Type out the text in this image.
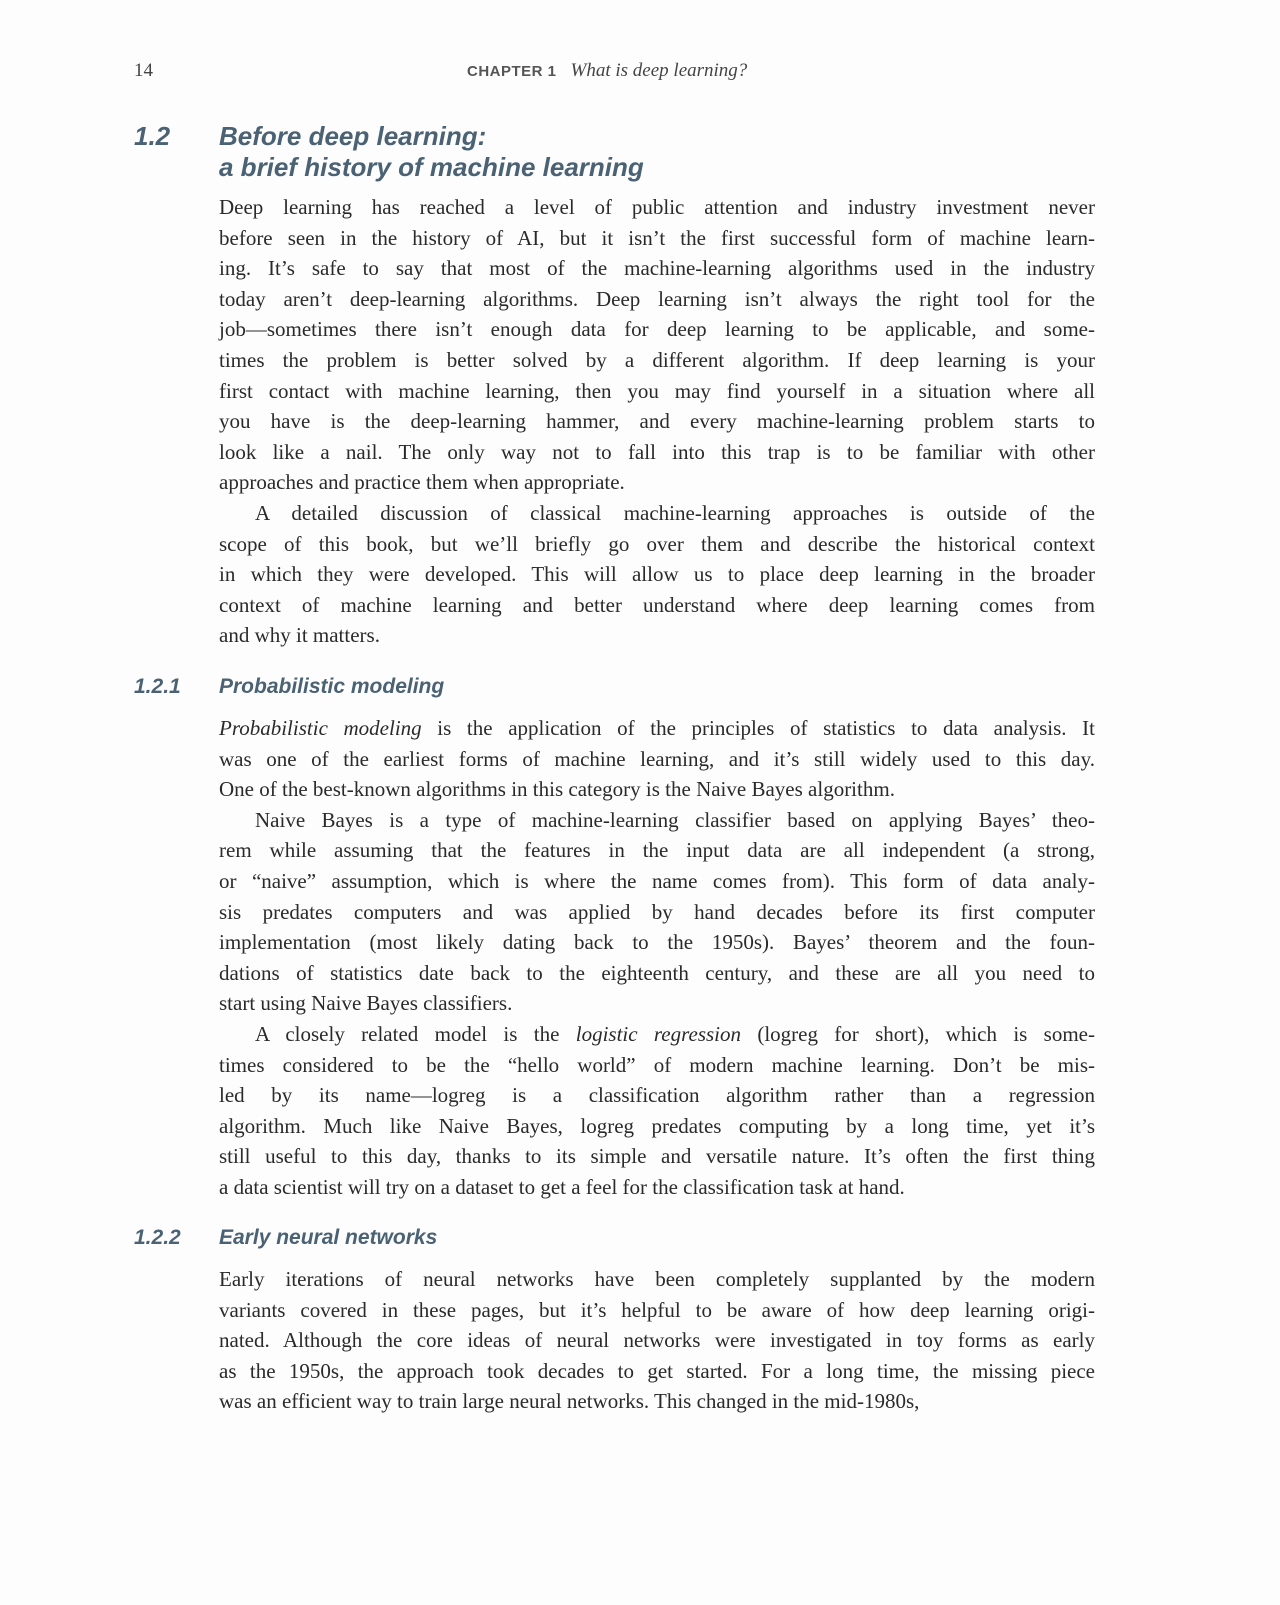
14	CHAPTER 1 What is deep learning?
1.2 Before deep learning:
a brief history of machine learning
Deep learning has reached a level of public attention and industry investment never
before seen in the history of AI, but it isn’t the first successful form of machine learn-
ing. It’s safe to say that most of the machine-learning algorithms used in the industry
today aren’t deep-learning algorithms. Deep learning isn’t always the right tool for the
job—sometimes there isn’t enough data for deep learning to be applicable, and some-
times the problem is better solved by a different algorithm. If deep learning is your
first contact with machine learning, then you may find yourself in a situation where all
you have is the deep-learning hammer, and every machine-learning problem starts to
look like a nail. The only way not to fall into this trap is to be familiar with other
approaches and practice them when appropriate.
A detailed discussion of classical machine-learning approaches is outside of the
scope of this book, but we’ll briefly go over them and describe the historical context
in which they were developed. This will allow us to place deep learning in the broader
context of machine learning and better understand where deep learning comes from
and why it matters.
1.2.1 Probabilistic modeling
Probabilistic modeling is the application of the principles of statistics to data analysis. It
was one of the earliest forms of machine learning, and it’s still widely used to this day.
One of the best-known algorithms in this category is the Naive Bayes algorithm.
Naive Bayes is a type of machine-learning classifier based on applying Bayes’ theo-
rem while assuming that the features in the input data are all independent (a strong,
or “naive” assumption, which is where the name comes from). This form of data analy-
sis predates computers and was applied by hand decades before its first computer
implementation (most likely dating back to the 1950s). Bayes’ theorem and the foun-
dations of statistics date back to the eighteenth century, and these are all you need to
start using Naive Bayes classifiers.
A closely related model is the logistic regression (logreg for short), which is some-
times considered to be the “hello world” of modern machine learning. Don’t be mis-
led by its name—logreg is a classification algorithm rather than a regression
algorithm. Much like Naive Bayes, logreg predates computing by a long time, yet it’s
still useful to this day, thanks to its simple and versatile nature. It’s often the first thing
a data scientist will try on a dataset to get a feel for the classification task at hand.
1.2.2 Early neural networks
Early iterations of neural networks have been completely supplanted by the modern
variants covered in these pages, but it’s helpful to be aware of how deep learning origi-
nated. Although the core ideas of neural networks were investigated in toy forms as early
as the 1950s, the approach took decades to get started. For a long time, the missing piece
was an efficient way to train large neural networks. This changed in the mid-1980s,
